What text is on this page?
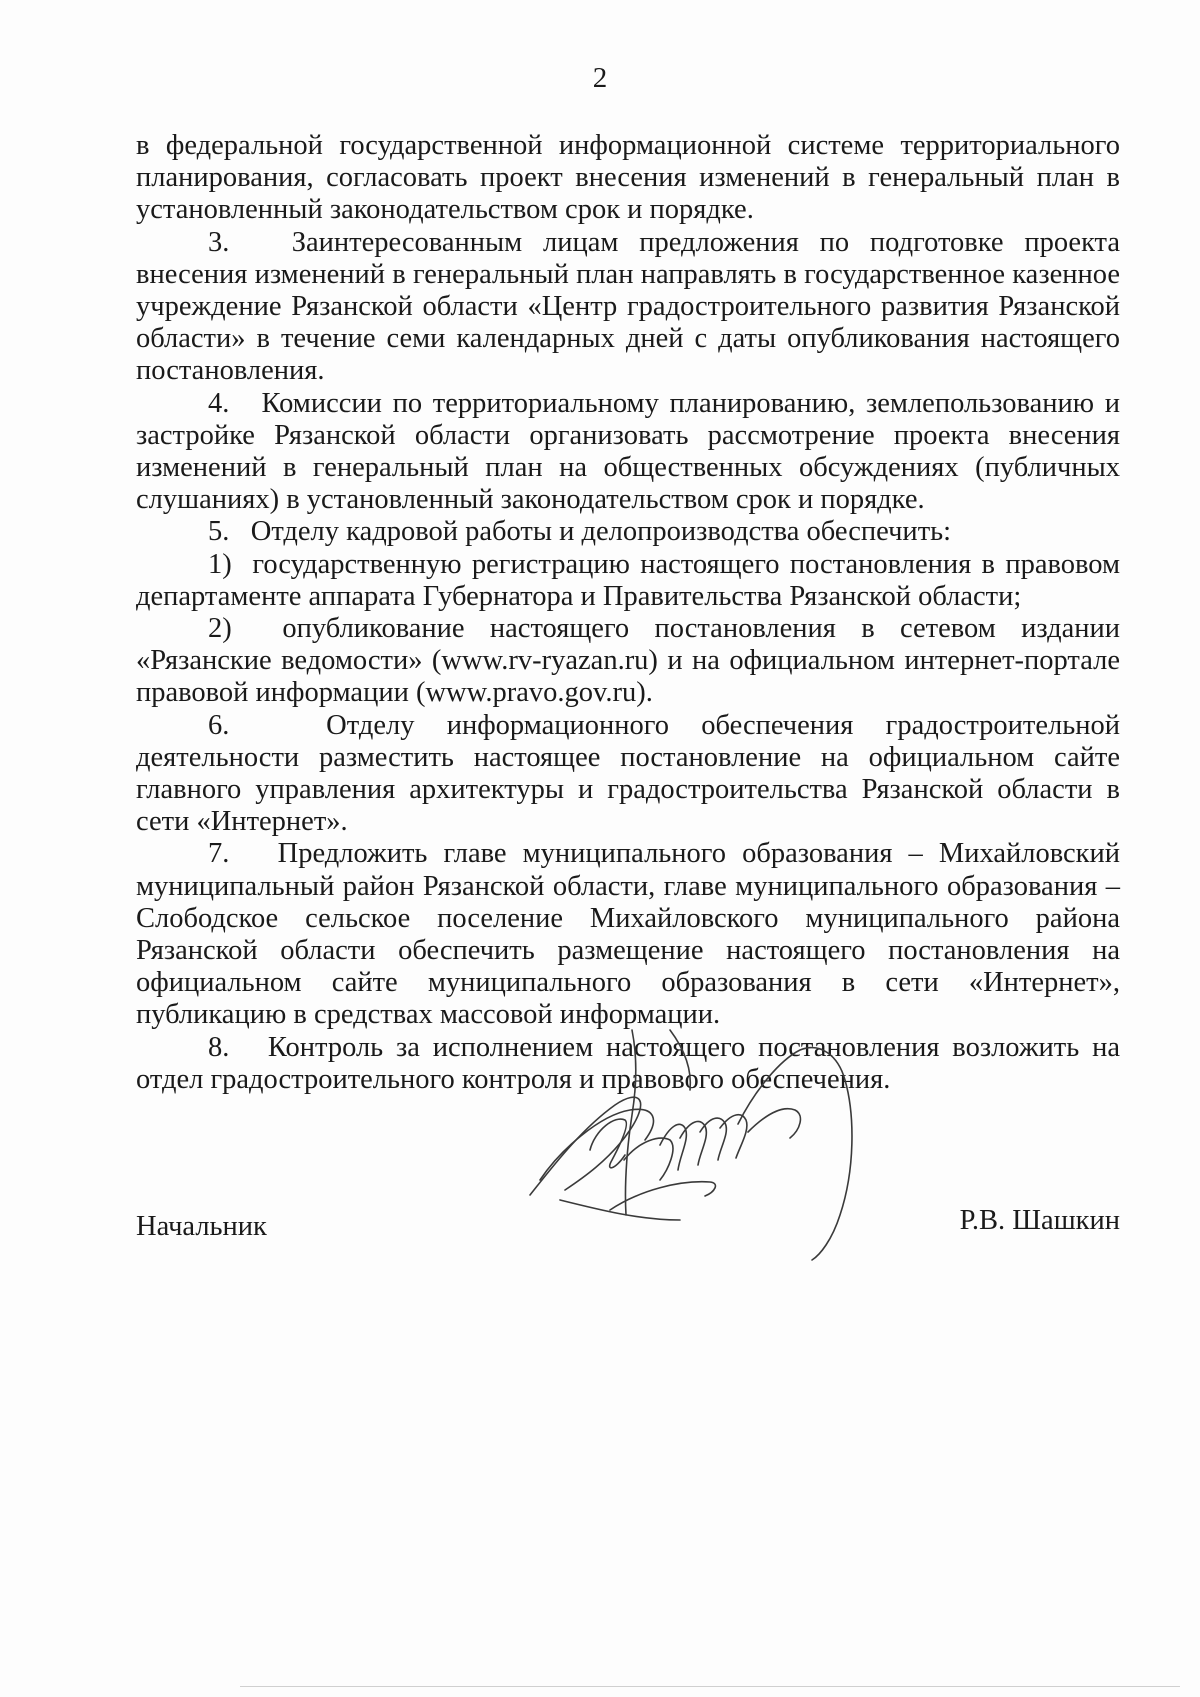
2

в федеральной государственной информационной системе территориального планирования, согласовать проект внесения изменений в генеральный план в установленный законодательством срок и порядке.

3.   Заинтересованным лицам предложения по подготовке проекта внесения изменений в генеральный план направлять в государственное казенное учреждение Рязанской области «Центр градостроительного развития Рязанской области» в течение семи календарных дней с даты опубликования настоящего постановления.

4.   Комиссии по территориальному планированию, землепользованию и застройке Рязанской области организовать рассмотрение проекта внесения изменений в генеральный план на общественных обсуждениях (публичных слушаниях) в установленный законодательством срок и порядке.

5.   Отделу кадровой работы и делопроизводства обеспечить:

1)  государственную регистрацию настоящего постановления в правовом департаменте аппарата Губернатора и Правительства Рязанской области;

2)  опубликование настоящего постановления в сетевом издании «Рязанские ведомости» (www.rv-ryazan.ru) и на официальном интернет-портале правовой информации (www.pravo.gov.ru).

6.   Отделу информационного обеспечения градостроительной деятельности разместить настоящее постановление на официальном сайте главного управления архитектуры и градостроительства Рязанской области в сети «Интернет».

7.   Предложить главе муниципального образования – Михайловский муниципальный район Рязанской области, главе муниципального образования – Слободское сельское поселение Михайловского муниципального района Рязанской области обеспечить размещение настоящего постановления на официальном сайте муниципального образования в сети «Интернет», публикацию в средствах массовой информации.

8.   Контроль за исполнением настоящего постановления возложить на отдел градостроительного контроля и правового обеспечения.

Начальник	Р.В. Шашкин
